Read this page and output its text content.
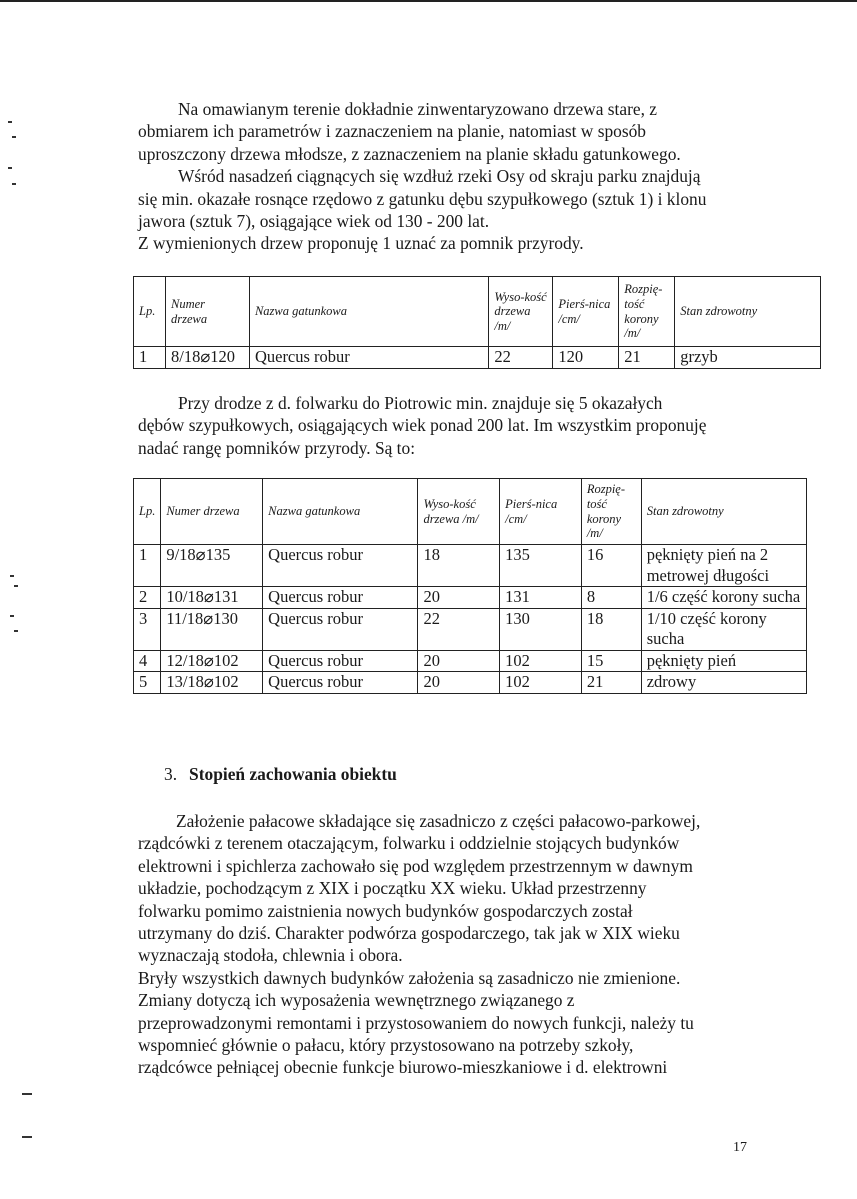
Na omawianym terenie dokładnie zinwentaryzowano drzewa stare, z
obmiarem ich parametrów i zaznaczeniem na planie, natomiast w sposób
uproszczony drzewa młodsze, z zaznaczeniem na planie składu gatunkowego.
Wśród nasadzeń ciągnących się wzdłuż rzeki Osy od skraju parku znajdują
się min. okazałe rosnące rzędowo z gatunku dębu szypułkowego (sztuk 1) i klonu
jawora (sztuk 7), osiągające wiek od 130 - 200 lat.
Z wymienionych drzew proponuję 1 uznać za pomnik przyrody.
Lp.	Numer drzewa	Nazwa gatunkowa	Wyso-kość drzewa /m/	Pierś-nica /cm/	Rozpię-tość korony /m/	Stan zdrowotny
1	8/18⌀120	Quercus robur	22	120	21	grzyb
Przy drodze z d. folwarku do Piotrowic min. znajduje się 5 okazałych
dębów szypułkowych, osiągających wiek ponad 200 lat. Im wszystkim proponuję
nadać rangę pomników przyrody. Są to:
Lp.	Numer drzewa	Nazwa gatunkowa	Wyso-kość drzewa /m/	Pierś-nica /cm/	Rozpię-tość korony /m/	Stan zdrowotny
1	9/18⌀135	Quercus robur	18	135	16	pęknięty pień na 2 metrowej długości
2	10/18⌀131	Quercus robur	20	131	8	1/6 część korony sucha
3	11/18⌀130	Quercus robur	22	130	18	1/10 część korony sucha
4	12/18⌀102	Quercus robur	20	102	15	pęknięty pień
5	13/18⌀102	Quercus robur	20	102	21	zdrowy
3. Stopień zachowania obiektu
Założenie pałacowe składające się zasadniczo z części pałacowo-parkowej,
rządcówki z terenem otaczającym, folwarku i oddzielnie stojących budynków
elektrowni i spichlerza zachowało się pod względem przestrzennym w dawnym
układzie, pochodzącym z XIX i początku XX wieku. Układ przestrzenny
folwarku pomimo zaistnienia nowych budynków gospodarczych został
utrzymany do dziś. Charakter podwórza gospodarczego, tak jak w XIX wieku
wyznaczają stodoła, chlewnia i obora.
Bryły wszystkich dawnych budynków założenia są zasadniczo nie zmienione.
Zmiany dotyczą ich wyposażenia wewnętrznego związanego z
przeprowadzonymi remontami i przystosowaniem do nowych funkcji, należy tu
wspomnieć głównie o pałacu, który przystosowano na potrzeby szkoły,
rządcówce pełniącej obecnie funkcje biurowo-mieszkaniowe i d. elektrowni
17
